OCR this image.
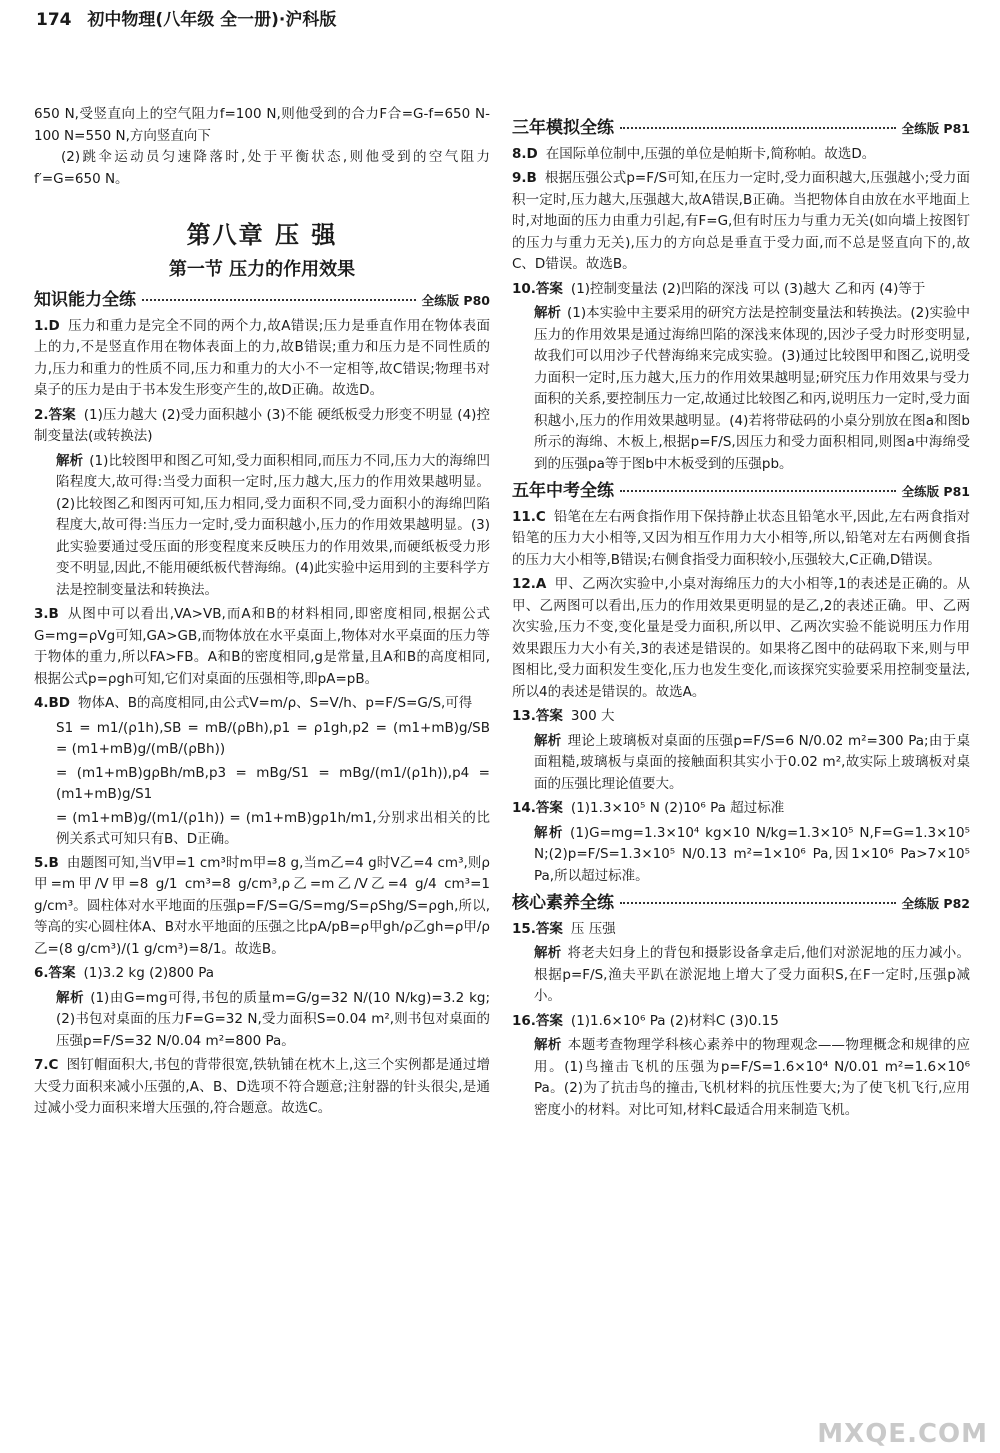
174 初中物理(八年级 全一册)·沪科版

650 N,受竖直向上的空气阻力f=100 N,则他受到的合力F合=G-f=650 N-100 N=550 N,方向竖直向下

(2)跳伞运动员匀速降落时,处于平衡状态,则他受到的空气阻力f′=G=650 N。

第八章 压 强
第一节 压力的作用效果
知识能力全练	全练版 P80

1.D 压力和重力是完全不同的两个力,故A错误;压力是垂直作用在物体表面上的力,不是竖直作用在物体表面上的力,故B错误;重力和压力是不同性质的力,压力和重力的性质不同,压力和重力的大小不一定相等,故C错误;物理书对桌子的压力是由于书本发生形变产生的,故D正确。故选D。

2.答案 (1)压力越大 (2)受力面积越小 (3)不能 硬纸板受力形变不明显 (4)控制变量法(或转换法)

解析 (1)比较图甲和图乙可知,受力面积相同,而压力不同,压力大的海绵凹陷程度大,故可得:当受力面积一定时,压力越大,压力的作用效果越明显。(2)比较图乙和图丙可知,压力相同,受力面积不同,受力面积小的海绵凹陷程度大,故可得:当压力一定时,受力面积越小,压力的作用效果越明显。(3)此实验要通过受压面的形变程度来反映压力的作用效果,而硬纸板受力形变不明显,因此,不能用硬纸板代替海绵。(4)此实验中运用到的主要科学方法是控制变量法和转换法。

3.B 从图中可以看出,VA>VB,而A和B的材料相同,即密度相同,根据公式G=mg=ρVg可知,GA>GB,而物体放在水平桌面上,物体对水平桌面的压力等于物体的重力,所以FA>FB。A和B的密度相同,g是常量,且A和B的高度相同,根据公式p=ρgh可知,它们对桌面的压强相等,即pA=pB。

4.BD 物体A、B的高度相同,由公式V=m/ρ、S=V/h、p=F/S=G/S,可得

S1 = m1/(ρ1h),SB = mB/(ρBh),p1 = ρ1gh,p2 = (m1+mB)g/SB = (m1+mB)g/(mB/(ρBh))

= (m1+mB)gρBh/mB,p3 = mBg/S1 = mBg/(m1/(ρ1h)),p4 = (m1+mB)g/S1

= (m1+mB)g/(m1/(ρ1h)) = (m1+mB)gρ1h/m1,分别求出相关的比例关系式可知只有B、D正确。

5.B 由题图可知,当V甲=1 cm³时m甲=8 g,当m乙=4 g时V乙=4 cm³,则ρ甲=m甲/V甲=8 g/1 cm³=8 g/cm³,ρ乙=m乙/V乙=4 g/4 cm³=1 g/cm³。圆柱体对水平地面的压强p=F/S=G/S=mg/S=ρShg/S=ρgh,所以,等高的实心圆柱体A、B对水平地面的压强之比pA/pB=ρ甲gh/ρ乙gh=ρ甲/ρ乙=(8 g/cm³)/(1 g/cm³)=8/1。故选B。

6.答案 (1)3.2 kg (2)800 Pa

解析 (1)由G=mg可得,书包的质量m=G/g=32 N/(10 N/kg)=3.2 kg;(2)书包对桌面的压力F=G=32 N,受力面积S=0.04 m²,则书包对桌面的压强p=F/S=32 N/0.04 m²=800 Pa。

7.C 图钉帽面积大,书包的背带很宽,铁轨铺在枕木上,这三个实例都是通过增大受力面积来减小压强的,A、B、D选项不符合题意;注射器的针头很尖,是通过减小受力面积来增大压强的,符合题意。故选C。

三年模拟全练	全练版 P81

8.D 在国际单位制中,压强的单位是帕斯卡,简称帕。故选D。

9.B 根据压强公式p=F/S可知,在压力一定时,受力面积越大,压强越小;受力面积一定时,压力越大,压强越大,故A错误,B正确。当把物体自由放在水平地面上时,对地面的压力由重力引起,有F=G,但有时压力与重力无关(如向墙上按图钉的压力与重力无关),压力的方向总是垂直于受力面,而不总是竖直向下的,故C、D错误。故选B。

10.答案 (1)控制变量法 (2)凹陷的深浅 可以 (3)越大 乙和丙 (4)等于

解析 (1)本实验中主要采用的研究方法是控制变量法和转换法。(2)实验中压力的作用效果是通过海绵凹陷的深浅来体现的,因沙子受力时形变明显,故我们可以用沙子代替海绵来完成实验。(3)通过比较图甲和图乙,说明受力面积一定时,压力越大,压力的作用效果越明显;研究压力作用效果与受力面积的关系,要控制压力一定,故通过比较图乙和丙,说明压力一定时,受力面积越小,压力的作用效果越明显。(4)若将带砝码的小桌分别放在图a和图b所示的海绵、木板上,根据p=F/S,因压力和受力面积相同,则图a中海绵受到的压强pa等于图b中木板受到的压强pb。

五年中考全练	全练版 P81

11.C 铅笔在左右两食指作用下保持静止状态且铅笔水平,因此,左右两食指对铅笔的压力大小相等,又因为相互作用力大小相等,所以,铅笔对左右两侧食指的压力大小相等,B错误;右侧食指受力面积较小,压强较大,C正确,D错误。

12.A 甲、乙两次实验中,小桌对海绵压力的大小相等,1的表述是正确的。从甲、乙两图可以看出,压力的作用效果更明显的是乙,2的表述正确。甲、乙两次实验,压力不变,变化量是受力面积,所以甲、乙两次实验不能说明压力作用效果跟压力大小有关,3的表述是错误的。如果将乙图中的砝码取下来,则与甲图相比,受力面积发生变化,压力也发生变化,而该探究实验要采用控制变量法,所以4的表述是错误的。故选A。

13.答案 300 大

解析 理论上玻璃板对桌面的压强p=F/S=6 N/0.02 m²=300 Pa;由于桌面粗糙,玻璃板与桌面的接触面积其实小于0.02 m²,故实际上玻璃板对桌面的压强比理论值要大。

14.答案 (1)1.3×10⁵ N (2)10⁶ Pa 超过标准

解析 (1)G=mg=1.3×10⁴ kg×10 N/kg=1.3×10⁵ N,F=G=1.3×10⁵ N;(2)p=F/S=1.3×10⁵ N/0.13 m²=1×10⁶ Pa,因1×10⁶ Pa>7×10⁵ Pa,所以超过标准。

核心素养全练	全练版 P82

15.答案 压 压强

解析 将老夫妇身上的背包和摄影设备拿走后,他们对淤泥地的压力减小。根据p=F/S,渔夫平趴在淤泥地上增大了受力面积S,在F一定时,压强p减小。

16.答案 (1)1.6×10⁶ Pa (2)材料C (3)0.15

解析 本题考查物理学科核心素养中的物理观念——物理概念和规律的应用。(1)鸟撞击飞机的压强为p=F/S=1.6×10⁴ N/0.01 m²=1.6×10⁶ Pa。(2)为了抗击鸟的撞击,飞机材料的抗压性要大;为了使飞机飞行,应用密度小的材料。对比可知,材料C最适合用来制造飞机。

MXQE.COM
